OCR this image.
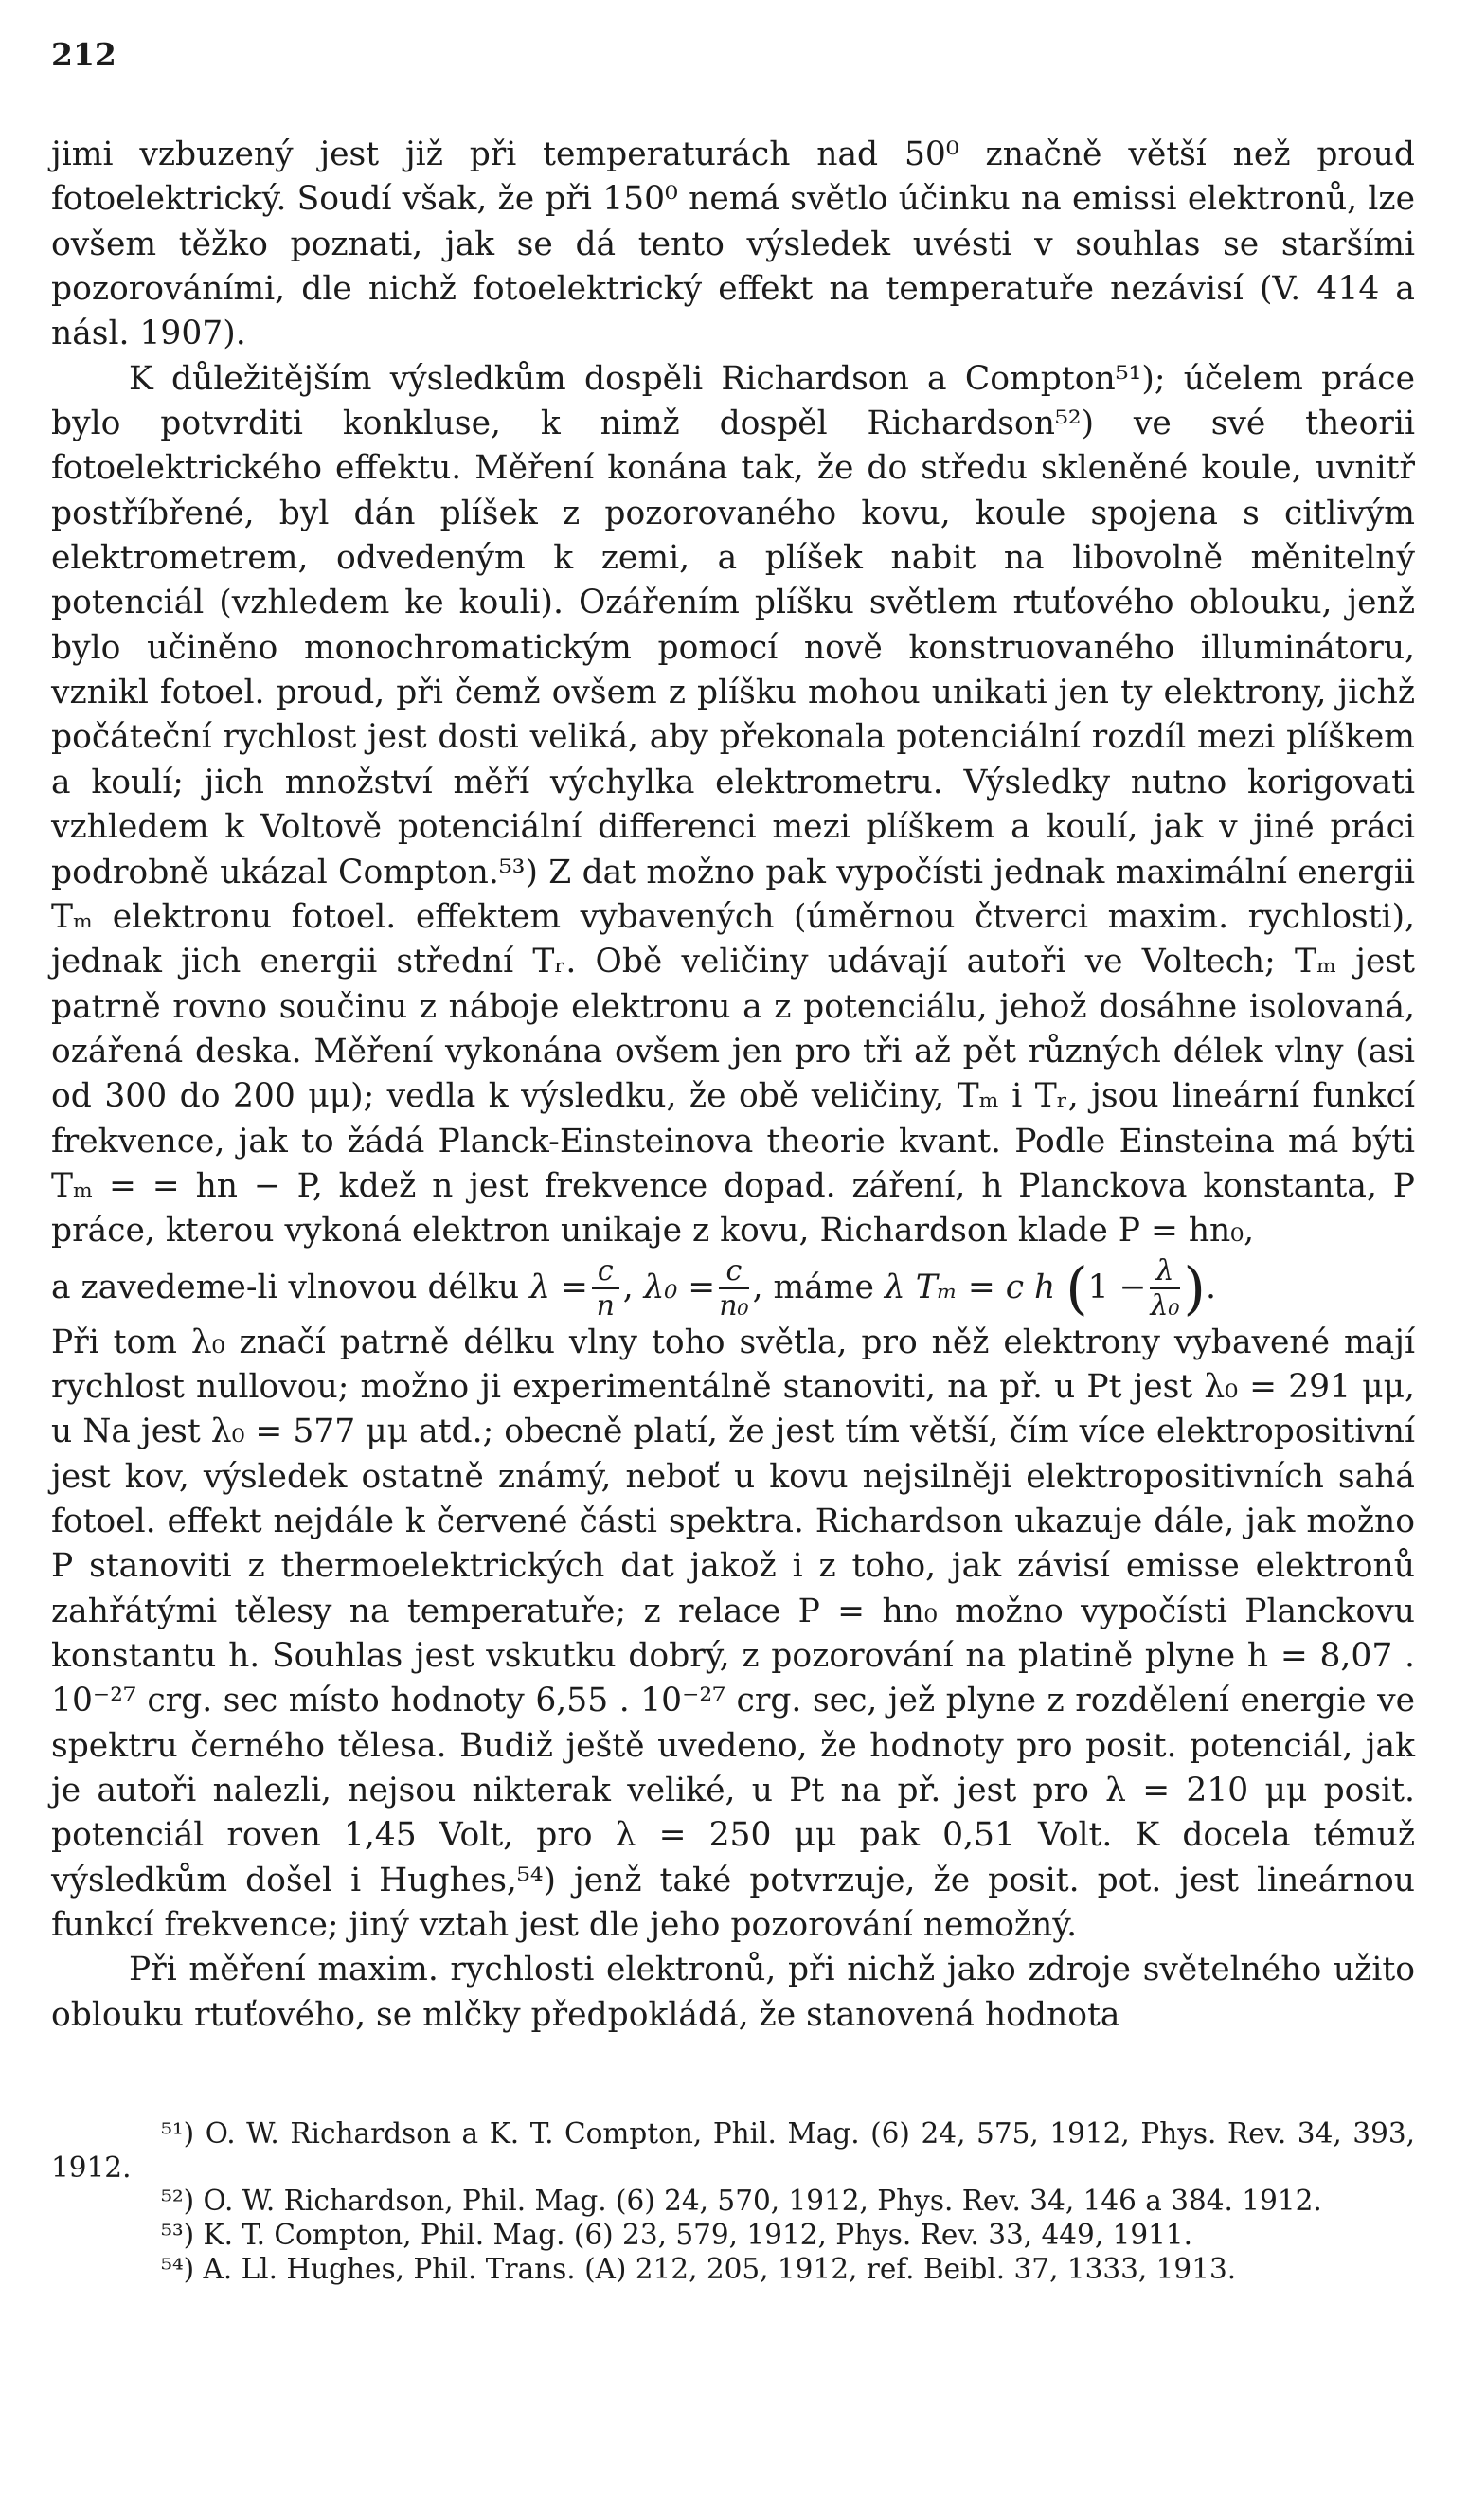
212

jimi vzbuzený jest již při temperaturách nad 50⁰ značně větší než proud fotoelektrický. Soudí však, že při 150⁰ nemá světlo účinku na emissi elektronů, lze ovšem těžko poznati, jak se dá tento výsledek uvésti v souhlas se staršími pozorováními, dle nichž fotoelektrický effekt na temperatuře nezávisí (V. 414 a násl. 1907).

K důležitějším výsledkům dospěli Richardson a Compton⁵¹); účelem práce bylo potvrditi konkluse, k nimž dospěl Richardson⁵²) ve své theorii fotoelektrického effektu. Měření konána tak, že do středu skleněné koule, uvnitř postříbřené, byl dán plíšek z pozorovaného kovu, koule spojena s citlivým elektrometrem, odvedeným k zemi, a plíšek nabit na libovolně měnitelný potenciál (vzhledem ke kouli). Ozářením plíšku světlem rtuťového oblouku, jenž bylo učiněno monochromatickým pomocí nově konstruovaného illuminátoru, vznikl fotoel. proud, při čemž ovšem z plíšku mohou unikati jen ty elektrony, jichž počáteční rychlost jest dosti veliká, aby překonala potenciální rozdíl mezi plíškem a koulí; jich množství měří výchylka elektrometru. Výsledky nutno korigovati vzhledem k Voltově potenciální differenci mezi plíškem a koulí, jak v jiné práci podrobně ukázal Compton.⁵³) Z dat možno pak vypočísti jednak maximální energii Tₘ elektronu fotoel. effektem vybavených (úměrnou čtverci maxim. rychlosti), jednak jich energii střední Tᵣ. Obě veličiny udávají autoři ve Voltech; Tₘ jest patrně rovno součinu z náboje elektronu a z potenciálu, jehož dosáhne isolovaná, ozářená deska. Měření vykonána ovšem jen pro tři až pět různých délek vlny (asi od 300 do 200 μμ); vedla k výsledku, že obě veličiny, Tₘ i Tᵣ, jsou lineární funkcí frekvence, jak to žádá Planck-Einsteinova theorie kvant. Podle Einsteina má býti Tₘ = = hn − P, kdež n jest frekvence dopad. záření, h Planckova konstanta, P práce, kterou vykoná elektron unikaje z kovu, Richardson klade P = hn₀,

a zavedeme-li vlnovou délku $\lambda = \frac{c}{n}$ , $\lambda_0 = \frac{c}{\text{n₀}}$ , máme λ Tₘ = c h ($1 - \frac{\lambda}{\text{λ₀}}$ ).

Při tom λ₀ značí patrně délku vlny toho světla, pro něž elektrony vybavené mají rychlost nullovou; možno ji experimentálně stanoviti, na př. u Pt jest λ₀ = 291 μμ, u Na jest λ₀ = 577 μμ atd.; obecně platí, že jest tím větší, čím více elektropositivní jest kov, výsledek ostatně známý, neboť u kovu nejsilněji elektropositivních sahá fotoel. effekt nejdále k červené části spektra. Richardson ukazuje dále, jak možno P stanoviti z thermoelektrických dat jakož i z toho, jak závisí emisse elektronů zahřátými tělesy na temperatuře; z relace P = hn₀ možno vypočísti Planckovu konstantu h. Souhlas jest vskutku dobrý, z pozorování na platině plyne h = 8,07 . 10⁻²⁷ crg. sec místo hodnoty 6,55 . 10⁻²⁷ crg. sec, jež plyne z rozdělení energie ve spektru černého tělesa. Budiž ještě uvedeno, že hodnoty pro posit. potenciál, jak je autoři nalezli, nejsou nikterak veliké, u Pt na př. jest pro λ = 210 μμ posit. potenciál roven 1,45 Volt, pro λ = 250 μμ pak 0,51 Volt. K docela témuž výsledkům došel i Hughes,⁵⁴) jenž také potvrzuje, že posit. pot. jest lineárnou funkcí frekvence; jiný vztah jest dle jeho pozorování nemožný.

Při měření maxim. rychlosti elektronů, při nichž jako zdroje světelného užito oblouku rtuťového, se mlčky předpokládá, že stanovená hodnota

⁵¹) O. W. Richardson a K. T. Compton, Phil. Mag. (6) 24, 575, 1912, Phys. Rev. 34, 393, 1912.

⁵²) O. W. Richardson, Phil. Mag. (6) 24, 570, 1912, Phys. Rev. 34, 146 a 384. 1912.

⁵³) K. T. Compton, Phil. Mag. (6) 23, 579, 1912, Phys. Rev. 33, 449, 1911.

⁵⁴) A. Ll. Hughes, Phil. Trans. (A) 212, 205, 1912, ref. Beibl. 37, 1333, 1913.
